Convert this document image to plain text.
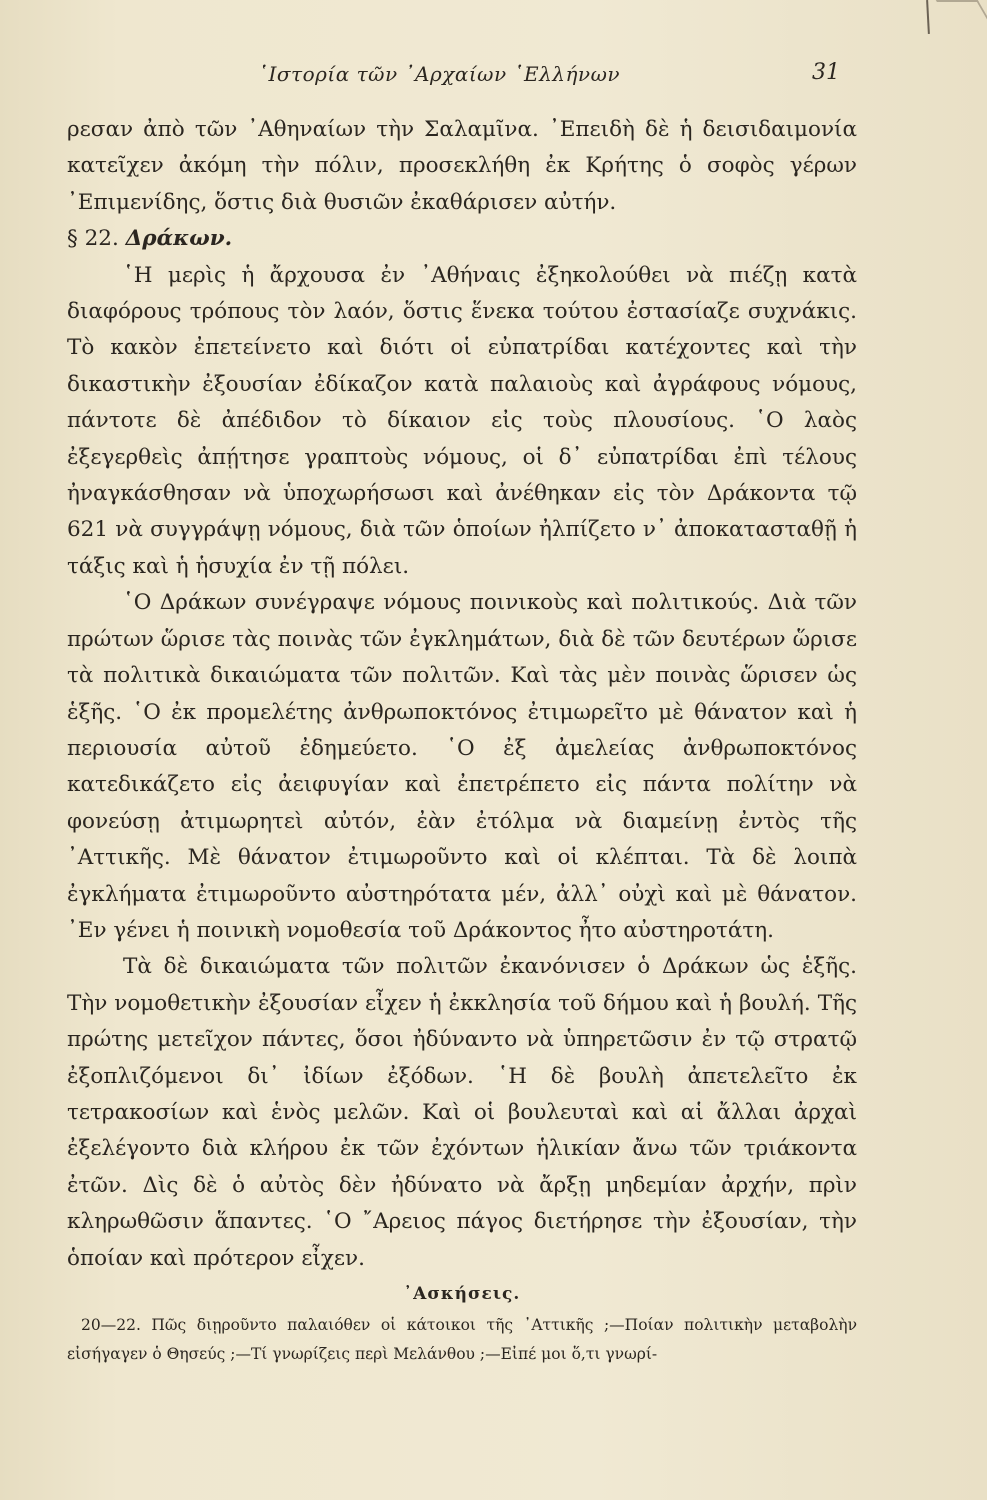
῾Ιστορία τῶν ᾿Αρχαίων ῾Ελλήνων	31

ρεσαν ἀπὸ τῶν ᾿Αθηναίων τὴν Σαλαμῖνα. ᾿Επειδὴ δὲ ἡ δεισιδαιμονία κατεῖχεν ἀκόμη τὴν πόλιν, προσεκλήθη ἐκ Κρήτης ὁ σοφὸς γέρων ᾿Επιμενίδης, ὅστις διὰ θυσιῶν ἐκαθάρισεν αὐτήν.

§ 22. Δράκων.

῾Η μερὶς ἡ ἄρχουσα ἐν ᾿Αθήναις ἐξηκολούθει νὰ πιέζῃ κατὰ διαφόρους τρόπους τὸν λαόν, ὅστις ἕνεκα τούτου ἐστασίαζε συχνάκις. Τὸ κακὸν ἐπετείνετο καὶ διότι οἱ εὐπατρίδαι κατέχοντες καὶ τὴν δικαστικὴν ἐξουσίαν ἐδίκαζον κατὰ παλαιοὺς καὶ ἀγράφους νόμους, πάντοτε δὲ ἀπέδιδον τὸ δίκαιον εἰς τοὺς πλουσίους. ῾Ο λαὸς ἐξεγερθεὶς ἀπῄτησε γραπτοὺς νόμους, οἱ δ᾿ εὐπατρίδαι ἐπὶ τέλους ἠναγκάσθησαν νὰ ὑποχωρήσωσι καὶ ἀνέθηκαν εἰς τὸν Δράκοντα τῷ 621 νὰ συγγράψῃ νόμους, διὰ τῶν ὁποίων ἠλπίζετο ν᾿ ἀποκατασταθῇ ἡ τάξις καὶ ἡ ἡσυχία ἐν τῇ πόλει.

῾Ο Δράκων συνέγραψε νόμους ποινικοὺς καὶ πολιτικούς. Διὰ τῶν πρώτων ὥρισε τὰς ποινὰς τῶν ἐγκλημάτων, διὰ δὲ τῶν δευτέρων ὥρισε τὰ πολιτικὰ δικαιώματα τῶν πολιτῶν. Καὶ τὰς μὲν ποινὰς ὥρισεν ὡς ἑξῆς. ῾Ο ἐκ προμελέτης ἀνθρωποκτόνος ἐτιμωρεῖτο μὲ θάνατον καὶ ἡ περιουσία αὐτοῦ ἐδημεύετο. ῾Ο ἐξ ἀμελείας ἀνθρωποκτόνος κατεδικάζετο εἰς ἀειφυγίαν καὶ ἐπετρέπετο εἰς πάντα πολίτην νὰ φονεύσῃ ἀτιμωρητεὶ αὐτόν, ἐὰν ἐτόλμα νὰ διαμείνῃ ἐντὸς τῆς ᾿Αττικῆς. Μὲ θάνατον ἐτιμωροῦντο καὶ οἱ κλέπται. Τὰ δὲ λοιπὰ ἐγκλήματα ἐτιμωροῦντο αὐστηρότατα μέν, ἀλλ᾿ οὐχὶ καὶ μὲ θάνατον. ᾿Εν γένει ἡ ποινικὴ νομοθεσία τοῦ Δράκοντος ἦτο αὐστηροτάτη.

Τὰ δὲ δικαιώματα τῶν πολιτῶν ἐκανόνισεν ὁ Δράκων ὡς ἑξῆς. Τὴν νομοθετικὴν ἐξουσίαν εἶχεν ἡ ἐκκλησία τοῦ δήμου καὶ ἡ βουλή. Τῆς πρώτης μετεῖχον πάντες, ὅσοι ἠδύναντο νὰ ὑπηρετῶσιν ἐν τῷ στρατῷ ἐξοπλιζόμενοι δι᾿ ἰδίων ἐξόδων. ῾Η δὲ βουλὴ ἀπετελεῖτο ἐκ τετρακοσίων καὶ ἑνὸς μελῶν. Καὶ οἱ βουλευταὶ καὶ αἱ ἄλλαι ἀρχαὶ ἐξελέγοντο διὰ κλήρου ἐκ τῶν ἐχόντων ἡλικίαν ἄνω τῶν τριάκοντα ἐτῶν. Δὶς δὲ ὁ αὐτὸς δὲν ἠδύνατο νὰ ἄρξῃ μηδεμίαν ἀρχήν, πρὶν κληρωθῶσιν ἅπαντες. ῾Ο ῎Αρειος πάγος διετήρησε τὴν ἐξουσίαν, τὴν ὁποίαν καὶ πρότερον εἶχεν.

᾿Ασκήσεις.

20—22. Πῶς διῃροῦντο παλαιόθεν οἱ κάτοικοι τῆς ᾿Αττικῆς ;—Ποίαν πολιτικὴν μεταβολὴν εἰσήγαγεν ὁ Θησεύς ;—Τί γνωρίζεις περὶ Μελάνθου ;—Εἰπέ μοι ὅ,τι γνωρί-
